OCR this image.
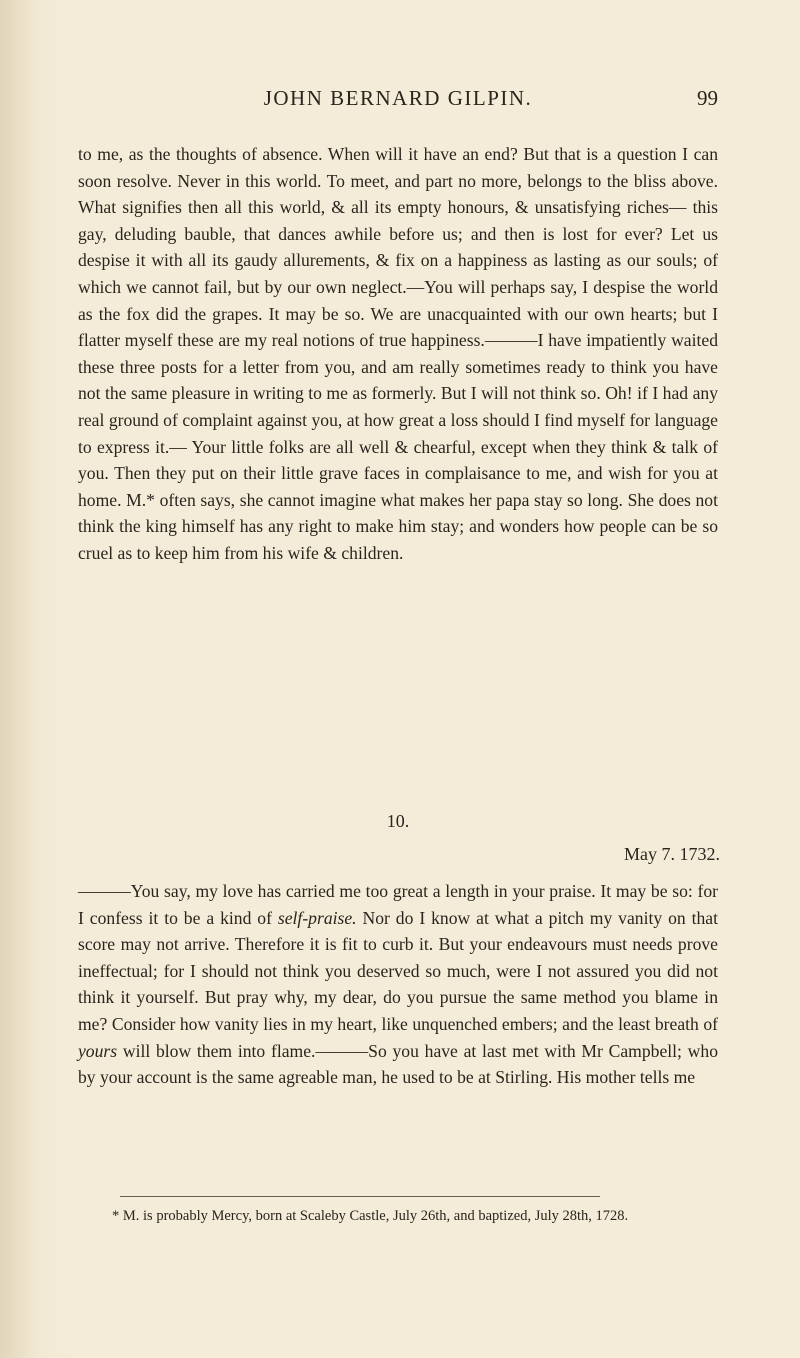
JOHN BERNARD GILPIN.	99

to me, as the thoughts of absence. When will it have an end? But that is a question I can soon resolve. Never in this world. To meet, and part no more, belongs to the bliss above. What signifies then all this world, & all its empty honours, & unsatisfying riches— this gay, deluding bauble, that dances awhile before us; and then is lost for ever? Let us despise it with all its gaudy allurements, & fix on a happiness as lasting as our souls; of which we cannot fail, but by our own neglect.—You will perhaps say, I despise the world as the fox did the grapes. It may be so. We are unacquainted with our own hearts; but I flatter myself these are my real notions of true happiness.———I have impatiently waited these three posts for a letter from you, and am really sometimes ready to think you have not the same pleasure in writing to me as formerly. But I will not think so. Oh! if I had any real ground of complaint against you, at how great a loss should I find myself for language to express it.— Your little folks are all well & chearful, except when they think & talk of you. Then they put on their little grave faces in complaisance to me, and wish for you at home. M.* often says, she cannot imagine what makes her papa stay so long. She does not think the king himself has any right to make him stay; and wonders how people can be so cruel as to keep him from his wife & children.

10.
May 7. 1732.

———You say, my love has carried me too great a length in your praise. It may be so: for I confess it to be a kind of self-praise. Nor do I know at what a pitch my vanity on that score may not arrive. Therefore it is fit to curb it. But your endeavours must needs prove ineffectual; for I should not think you deserved so much, were I not assured you did not think it yourself. But pray why, my dear, do you pursue the same method you blame in me? Consider how vanity lies in my heart, like unquenched embers; and the least breath of yours will blow them into flame.———So you have at last met with Mr Campbell; who by your account is the same agreable man, he used to be at Stirling. His mother tells me

* M. is probably Mercy, born at Scaleby Castle, July 26th, and baptized, July 28th, 1728.
